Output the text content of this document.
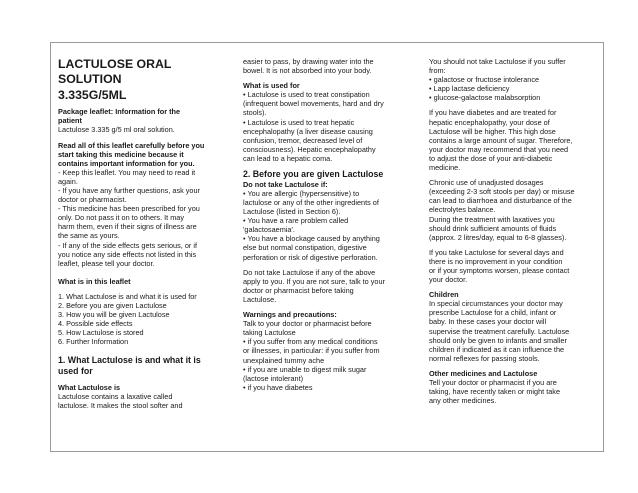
LACTULOSE ORAL

SOLUTION

3.335G/5ML

Package leaflet: Information for the

patient

Lactulose 3.335 g/5 ml oral solution.

Read all of this leaflet carefully before you

start taking this medicine because it

contains important information for you.

- Keep this leaflet. You may need to read it

again.

- If you have any further questions, ask your

doctor or pharmacist.

- This medicine has been prescribed for you

only. Do not pass it on to others. It may

harm them, even if their signs of illness are

the same as yours.

- If any of the side effects gets serious, or if

you notice any side effects not listed in this

leaflet, please tell your doctor.

What is in this leaflet

1. What Lactulose is and what it is used for

2. Before you are given Lactulose

3. How you will be given Lactulose

4. Possible side effects

5. How Lactulose is stored

6. Further Information

1. What Lactulose is and what it is

used for

What Lactulose is

Lactulose contains a laxative called

lactulose. It makes the stool softer and

easier to pass, by drawing water into the

bowel. It is not absorbed into your body.

What is used for

• Lactulose is used to treat constipation

(infrequent bowel movements, hard and dry

stools).

• Lactulose is used to treat hepatic

encephalopathy (a liver disease causing

confusion, tremor, decreased level of

consciousness). Hepatic encephalopathy

can lead to a hepatic coma.

2. Before you are given Lactulose

Do not take Lactulose if:

• You are allergic (hypersensitive) to

lactulose or any of the other ingredients of

Lactulose (listed in Section 6).

• You have a rare problem called

'galactosaemia'.

• You have a blockage caused by anything

else but normal constipation, digestive

perforation or risk of digestive perforation.

Do not take Lactulose if any of the above

apply to you. If you are not sure, talk to your

doctor or pharmacist before taking

Lactulose.

Warnings and precautions:

Talk to your doctor or pharmacist before

taking Lactulose

• if you suffer from any medical conditions

or illnesses, in particular: if you suffer from

unexplained tummy ache

• if you are unable to digest milk sugar

(lactose intolerant)

• if you have diabetes

You should not take Lactulose if you suffer

from:

• galactose or fructose intolerance

• Lapp lactase deficiency

• glucose-galactose malabsorption

If you have diabetes and are treated for

hepatic encephalopathy, your dose of

Lactulose will be higher. This high dose

contains a large amount of sugar. Therefore,

your doctor may recommend that you need

to adjust the dose of your anti-diabetic

medicine.

Chronic use of unadjusted dosages

(exceeding 2-3 soft stools per day) or misuse

can lead to diarrhoea and disturbance of the

electrolytes balance.

During the treatment with laxatives you

should drink sufficient amounts of fluids

(approx. 2 litres/day, equal to 6-8 glasses).

If you take Lactulose for several days and

there is no improvement in your condition

or if your symptoms worsen, please contact

your doctor.

Children

In special circumstances your doctor may

prescribe Lactulose for a child, infant or

baby. In these cases your doctor will

supervise the treatment carefully. Lactulose

should only be given to infants and smaller

children if indicated as it can influence the

normal reflexes for passing stools.

Other medicines and Lactulose

Tell your doctor or pharmacist if you are

taking, have recently taken or might take

any other medicines.
